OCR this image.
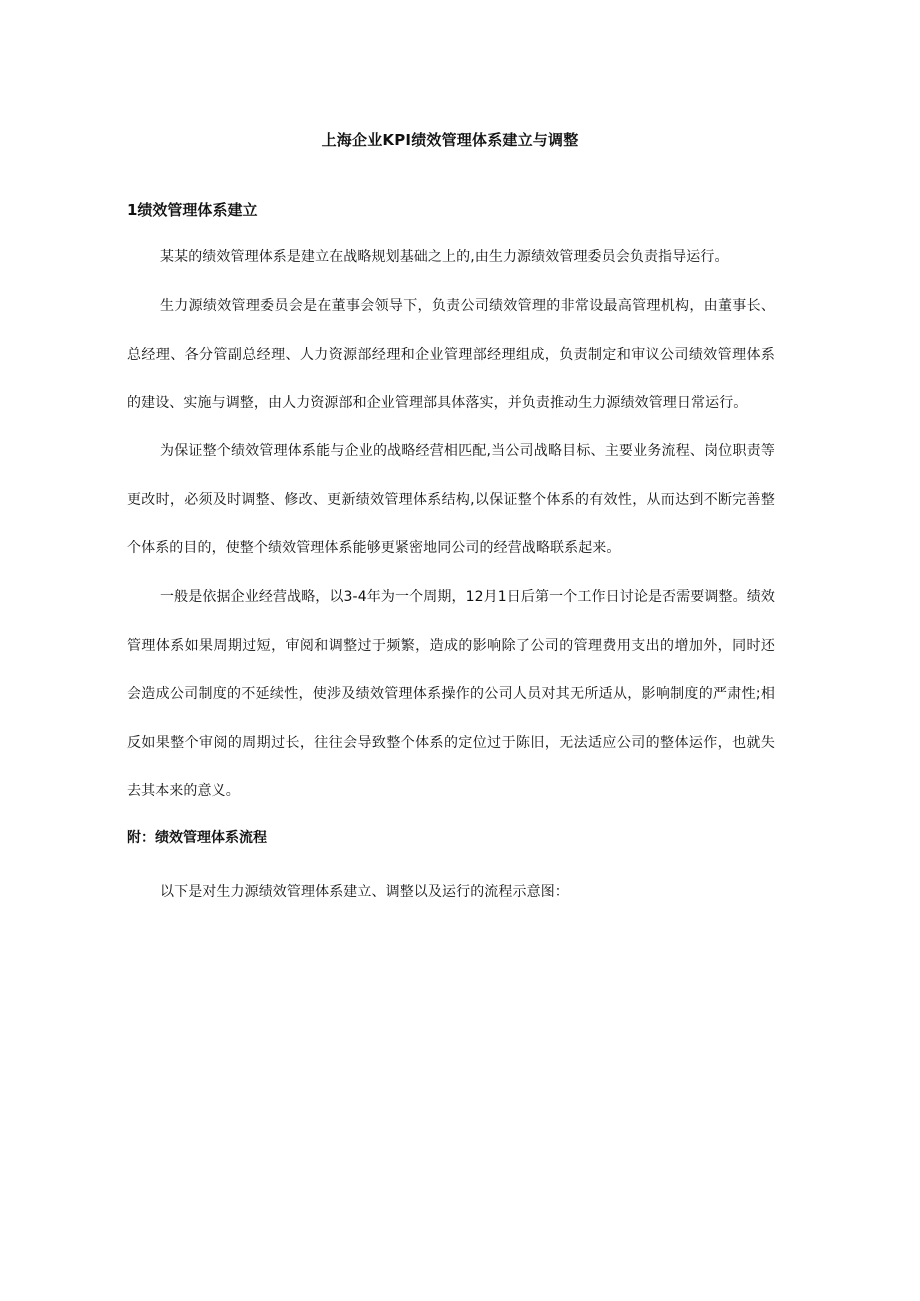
上海企业KPI绩效管理体系建立与调整
1绩效管理体系建立

某某的绩效管理体系是建立在战略规划基础之上的,由生力源绩效管理委员会负责指导运行。

生力源绩效管理委员会是在董事会领导下，负责公司绩效管理的非常设最高管理机构，由董事长、总经理、各分管副总经理、人力资源部经理和企业管理部经理组成，负责制定和审议公司绩效管理体系的建设、实施与调整，由人力资源部和企业管理部具体落实，并负责推动生力源绩效管理日常运行。

为保证整个绩效管理体系能与企业的战略经营相匹配,当公司战略目标、主要业务流程、岗位职责等更改时，必须及时调整、修改、更新绩效管理体系结构,以保证整个体系的有效性，从而达到不断完善整个体系的目的，使整个绩效管理体系能够更紧密地同公司的经营战略联系起来。

一般是依据企业经营战略，以3-4年为一个周期，12月1日后第一个工作日讨论是否需要调整。绩效管理体系如果周期过短，审阅和调整过于频繁，造成的影响除了公司的管理费用支出的增加外，同时还会造成公司制度的不延续性，使涉及绩效管理体系操作的公司人员对其无所适从，影响制度的严肃性;相反如果整个审阅的周期过长，往往会导致整个体系的定位过于陈旧，无法适应公司的整体运作，也就失去其本来的意义。

附：绩效管理体系流程

以下是对生力源绩效管理体系建立、调整以及运行的流程示意图：
